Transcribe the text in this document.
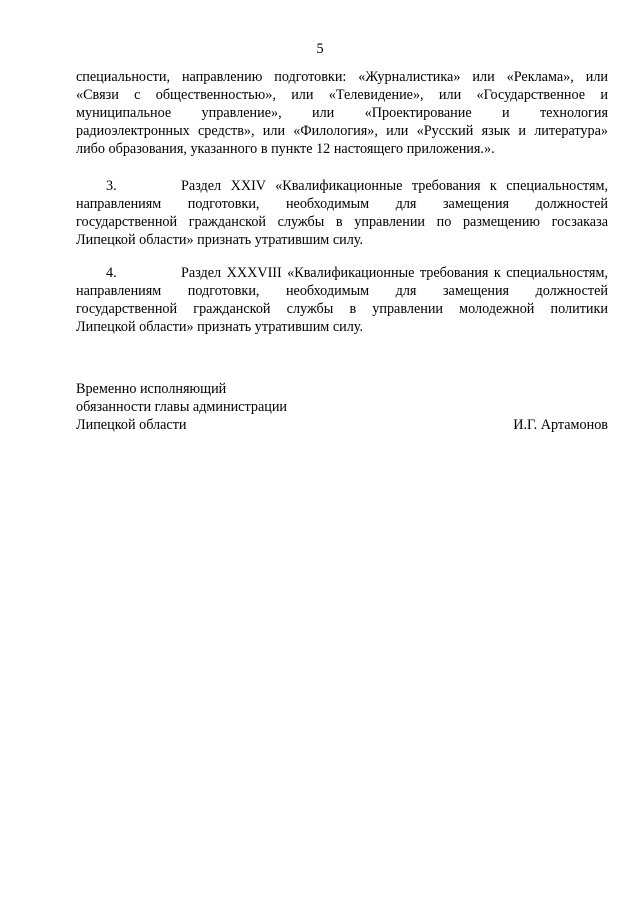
5
специальности, направлению подготовки: «Журналистика» или «Реклама», или
«Связи с общественностью», или «Телевидение», или «Государственное и
муниципальное управление», или «Проектирование и технология
радиоэлектронных средств», или «Филология», или «Русский язык и литература»
либо образования, указанного в пункте 12 настоящего приложения.».
3.	Раздел XXIV «Квалификационные требования к специальностям,
направлениям подготовки, необходимым для замещения должностей
государственной гражданской службы в управлении по размещению госзаказа
Липецкой области» признать утратившим силу.
4.	Раздел XXXVIII «Квалификационные требования к специальностям,
направлениям подготовки, необходимым для замещения должностей
государственной гражданской службы в управлении молодежной политики
Липецкой области» признать утратившим силу.
Временно исполняющий
обязанности главы администрации
Липецкой области	И.Г. Артамонов
